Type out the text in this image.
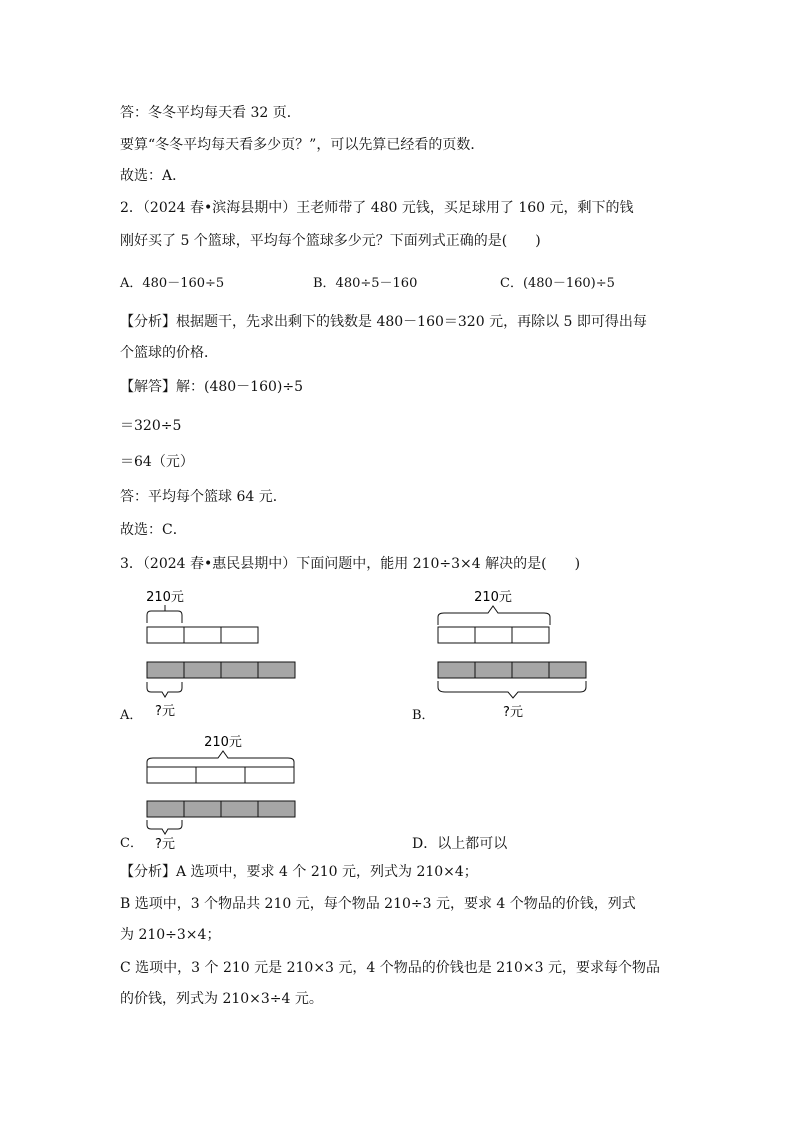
答：冬冬平均每天看 32 页．
要算“冬冬平均每天看多少页？”，可以先算已经看的页数．
故选：A．
2．（2024 春•滨海县期中）王老师带了 480 元钱，买足球用了 160 元，剩下的钱
刚好买了 5 个篮球，平均每个篮球多少元？下面列式正确的是(　　)
A．480－160÷5	B．480÷5－160	C．(480－160)÷5
【分析】根据题干，先求出剩下的钱数是 480－160＝320 元，再除以 5 即可得出每
个篮球的价格．
【解答】解：(480－160)÷5
＝320÷5
＝64（元）
答：平均每个篮球 64 元．
故选：C．
3．（2024 春•惠民县期中）下面问题中，能用 210÷3×4 解决的是(　　)
210元
?元
A．
210元
?元
B．
210元
?元
C．	D．以上都可以
【分析】A 选项中，要求 4 个 210 元，列式为 210×4；
B 选项中，3 个物品共 210 元，每个物品 210÷3 元，要求 4 个物品的价钱，列式
为 210÷3×4；
C 选项中，3 个 210 元是 210×3 元，4 个物品的价钱也是 210×3 元，要求每个物品
的价钱，列式为 210×3÷4 元。
